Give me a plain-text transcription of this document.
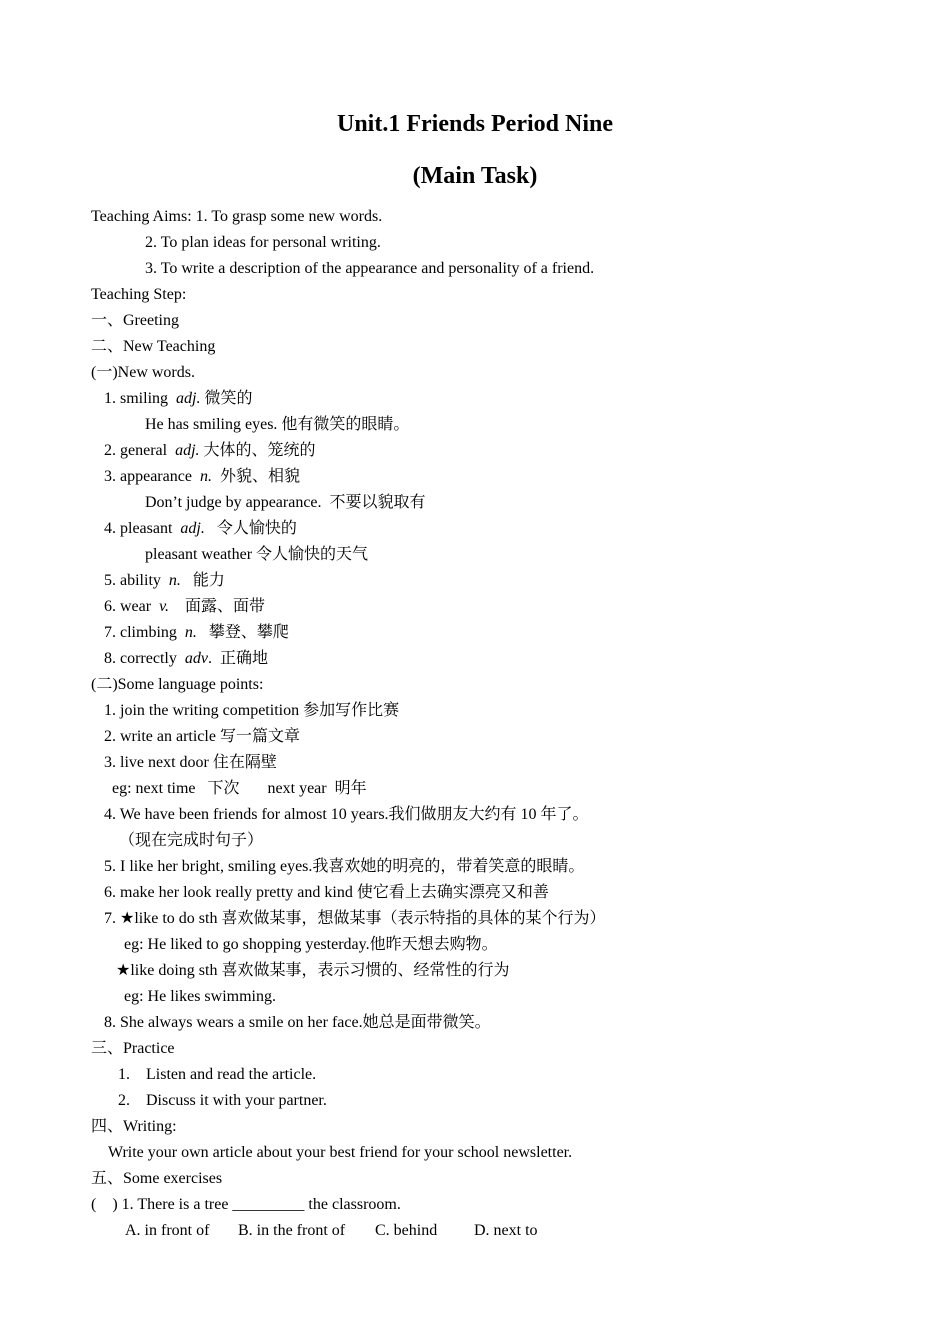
Unit.1 Friends Period Nine
(Main Task)
Teaching Aims: 1. To grasp some new words.
2. To plan ideas for personal writing.
3. To write a description of the appearance and personality of a friend.
Teaching Step:
一、Greeting
二、New Teaching
(一)New words.
1. smiling  adj. 微笑的
He has smiling eyes. 他有微笑的眼睛。
2. general  adj. 大体的、笼统的
3. appearance  n.  外貌、相貌
Don’t judge by appearance.  不要以貌取有
4. pleasant  adj.   令人愉快的
pleasant weather 令人愉快的天气
5. ability  n.   能力
6. wear  v.    面露、面带
7. climbing  n.   攀登、攀爬
8. correctly  adv.  正确地
(二)Some language points:
1. join the writing competition 参加写作比赛
2. write an article 写一篇文章
3. live next door 住在隔壁
eg: next time   下次       next year  明年
4. We have been friends for almost 10 years.我们做朋友大约有 10 年了。
（现在完成时句子）
5. I like her bright, smiling eyes.我喜欢她的明亮的，带着笑意的眼睛。
6. make her look really pretty and kind 使它看上去确实漂亮又和善
7. ★like to do sth 喜欢做某事，想做某事（表示特指的具体的某个行为）
eg: He liked to go shopping yesterday.他昨天想去购物。
★like doing sth 喜欢做某事，表示习惯的、经常性的行为
eg: He likes swimming.
8. She always wears a smile on her face.她总是面带微笑。
三、Practice
1. Listen and read the article.
2. Discuss it with your partner.
四、Writing:
Write your own article about your best friend for your school newsletter.
五、Some exercises
(    ) 1. There is a tree _________ the classroom.
A. in front of B. in the front of C. behind D. next to
